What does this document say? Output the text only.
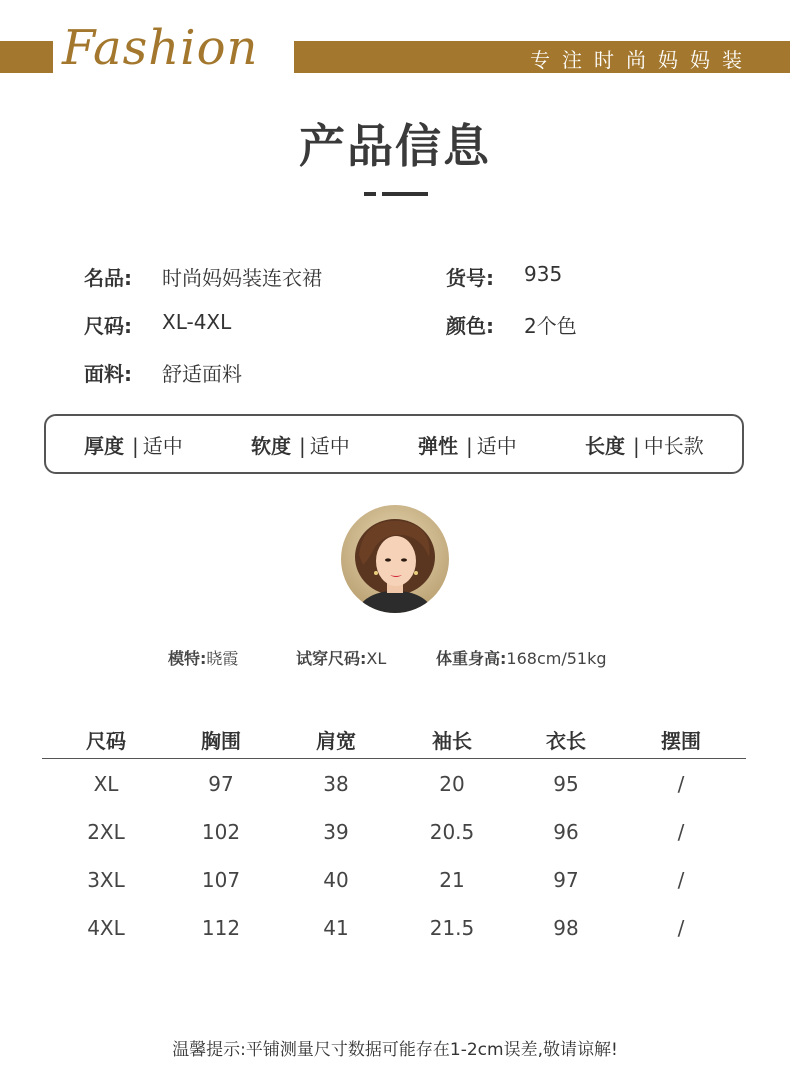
Fashion	专注时尚妈妈装
产品信息
名品: 时尚妈妈装连衣裙	货号: 935
尺码: XL-4XL	颜色: 2个色
面料: 舒适面料
厚度 | 适中	软度 | 适中	弹性 | 适中	长度 | 中长款
模特:晓霞	试穿尺码:XL	体重身高:168cm/51kg
尺码	胸围	肩宽	袖长	衣长	摆围
XL	97	38	20	95	/
2XL	102	39	20.5	96	/
3XL	107	40	21	97	/
4XL	112	41	21.5	98	/
温馨提示:平铺测量尺寸数据可能存在1-2cm误差,敬请谅解!
